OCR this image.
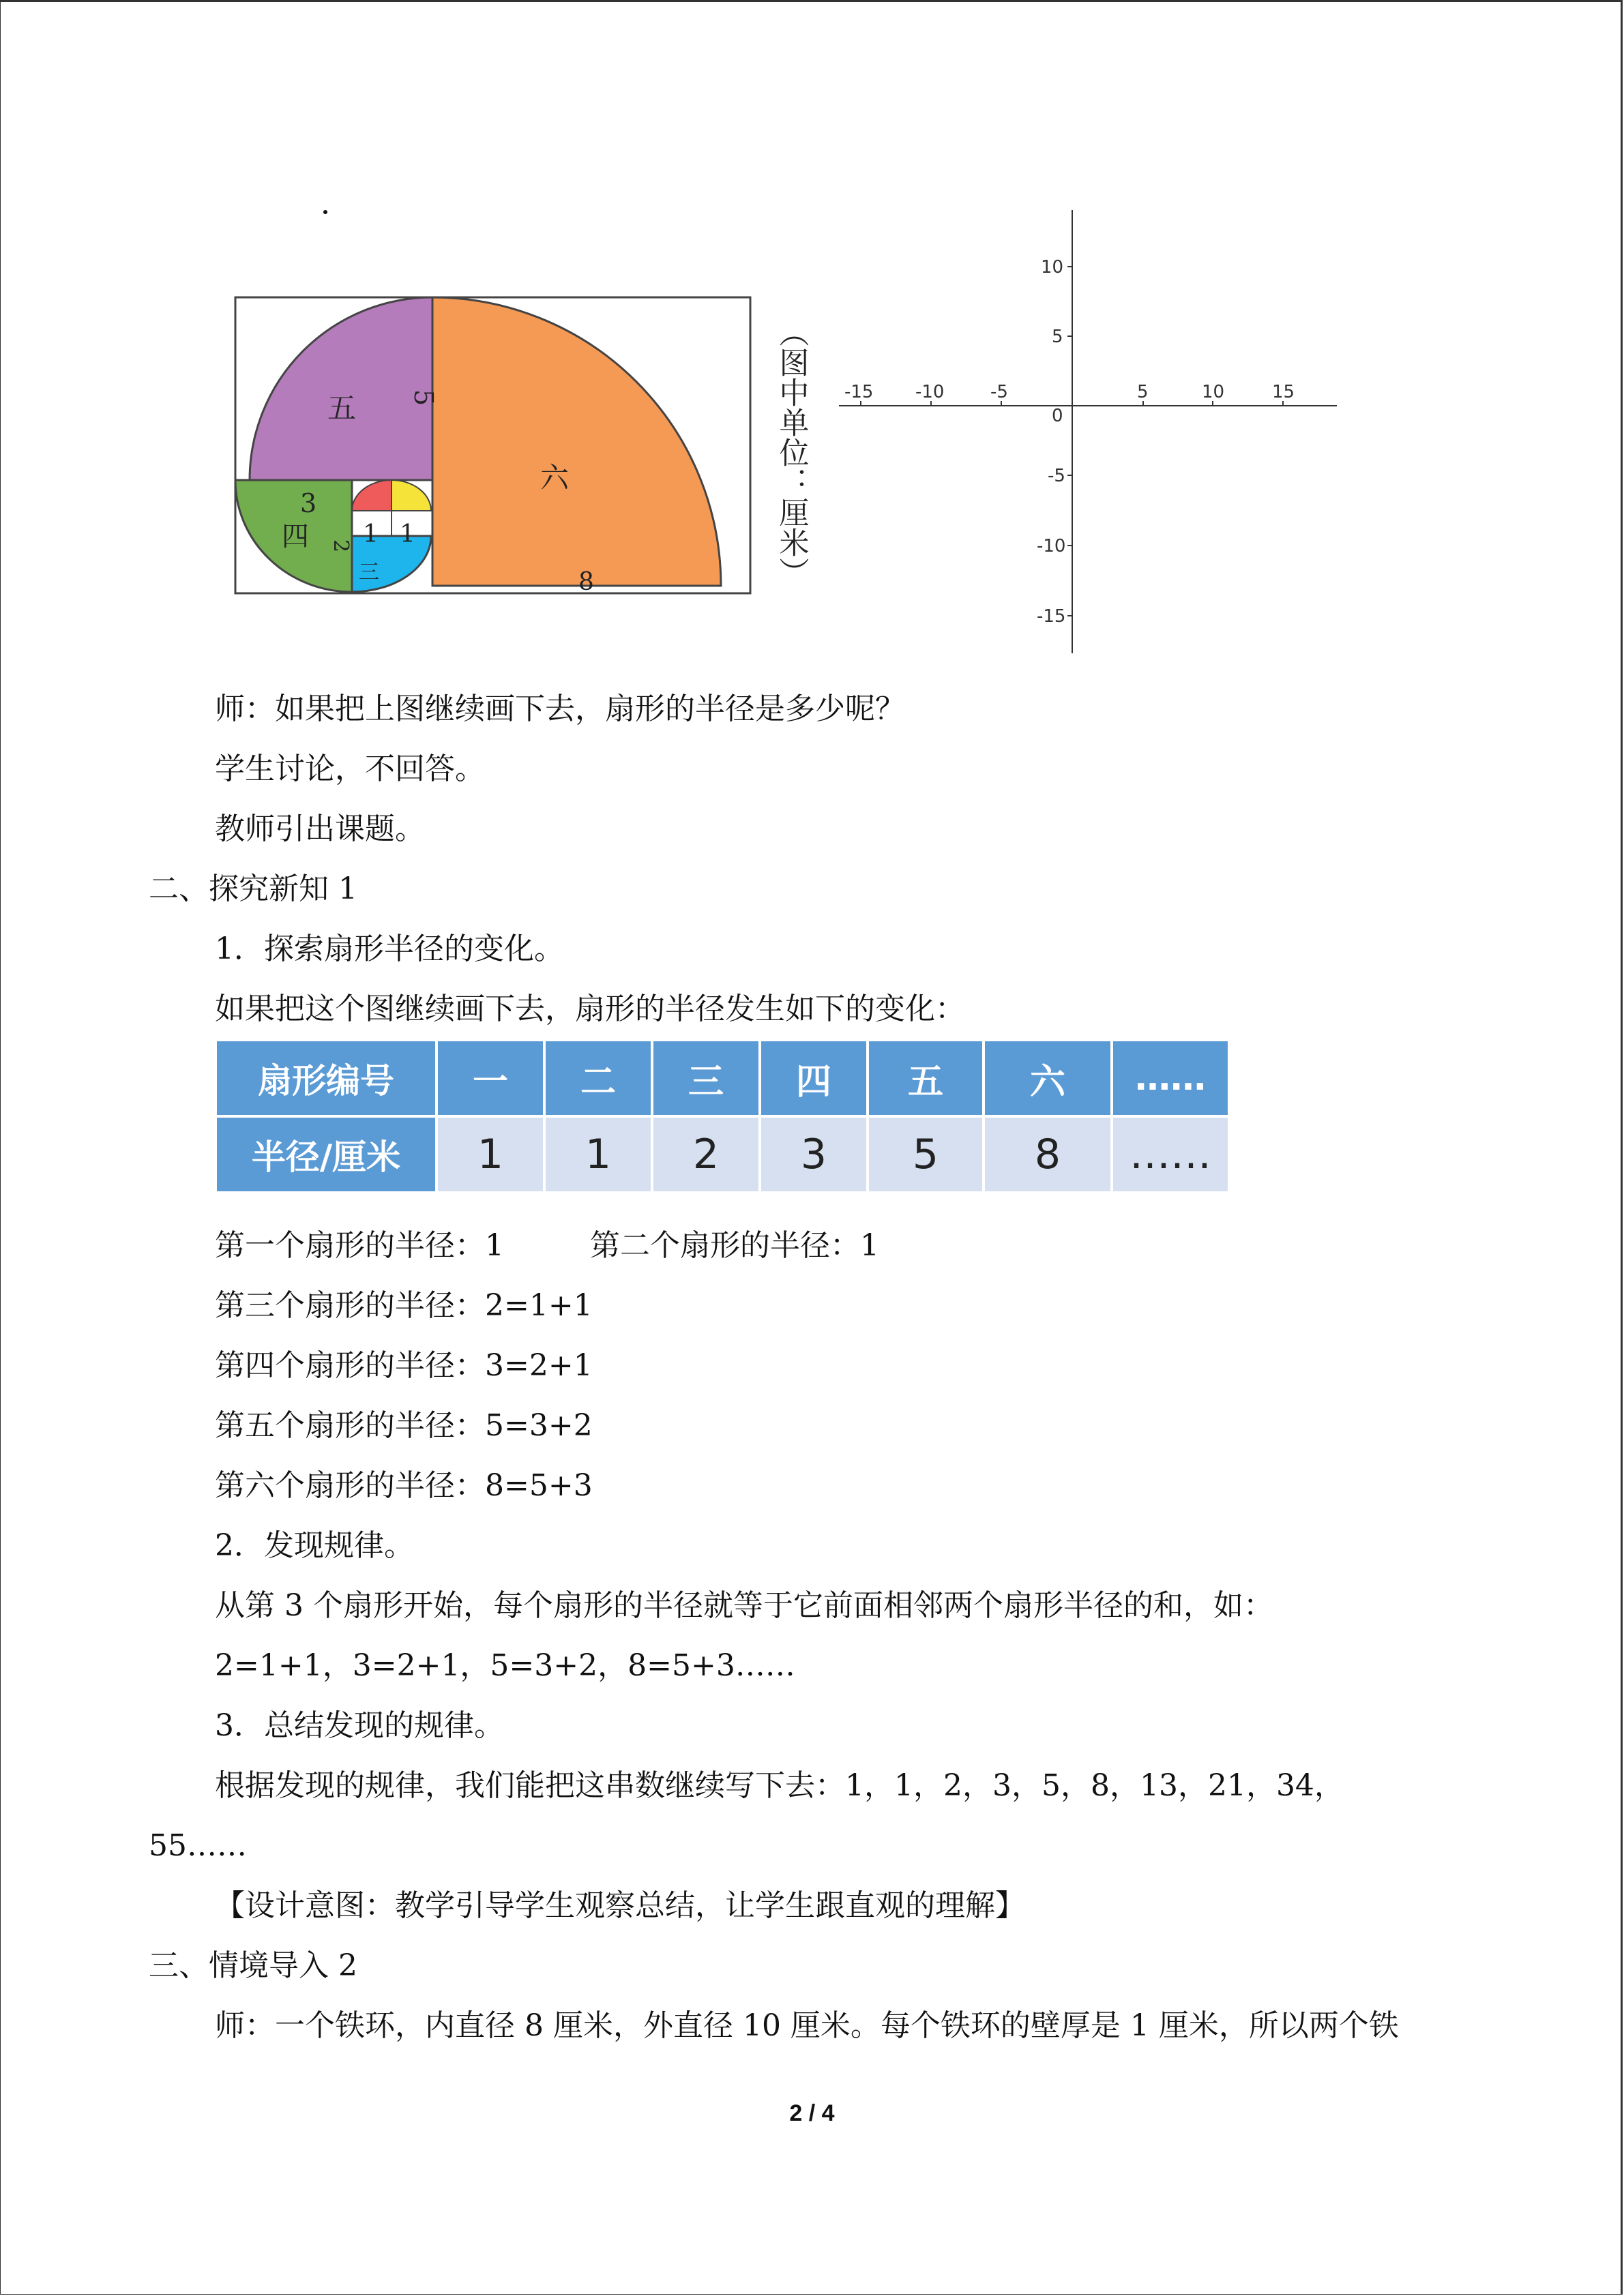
五 5
六
8
3
四 2 1 1
三	（图中单位：厘米） -15 -10	-5	5	10	15
10
5
0
-5
-10
-15
师：如果把上图继续画下去，扇形的半径是多少呢？
学生讨论，不回答。
教师引出课题。
二、探究新知 1
1．探索扇形半径的变化。
如果把这个图继续画下去，扇形的半径发生如下的变化：
扇形编号	一	二	三	四	五	六	……
半径/厘米	1	1	2	3	5	8	……
第一个扇形的半径：1	第二个扇形的半径：1
第三个扇形的半径：2=1+1
第四个扇形的半径：3=2+1
第五个扇形的半径：5=3+2
第六个扇形的半径：8=5+3
2．发现规律。
从第 3 个扇形开始，每个扇形的半径就等于它前面相邻两个扇形半径的和，如：
2=1+1，3=2+1，5=3+2，8=5+3……
3．总结发现的规律。
根据发现的规律，我们能把这串数继续写下去：1，1，2，3，5，8，13，21，34，
55……
【设计意图：教学引导学生观察总结，让学生跟直观的理解】
三、情境导入 2
师：一个铁环，内直径 8 厘米，外直径 10 厘米。每个铁环的壁厚是 1 厘米，所以两个铁
2 / 4
